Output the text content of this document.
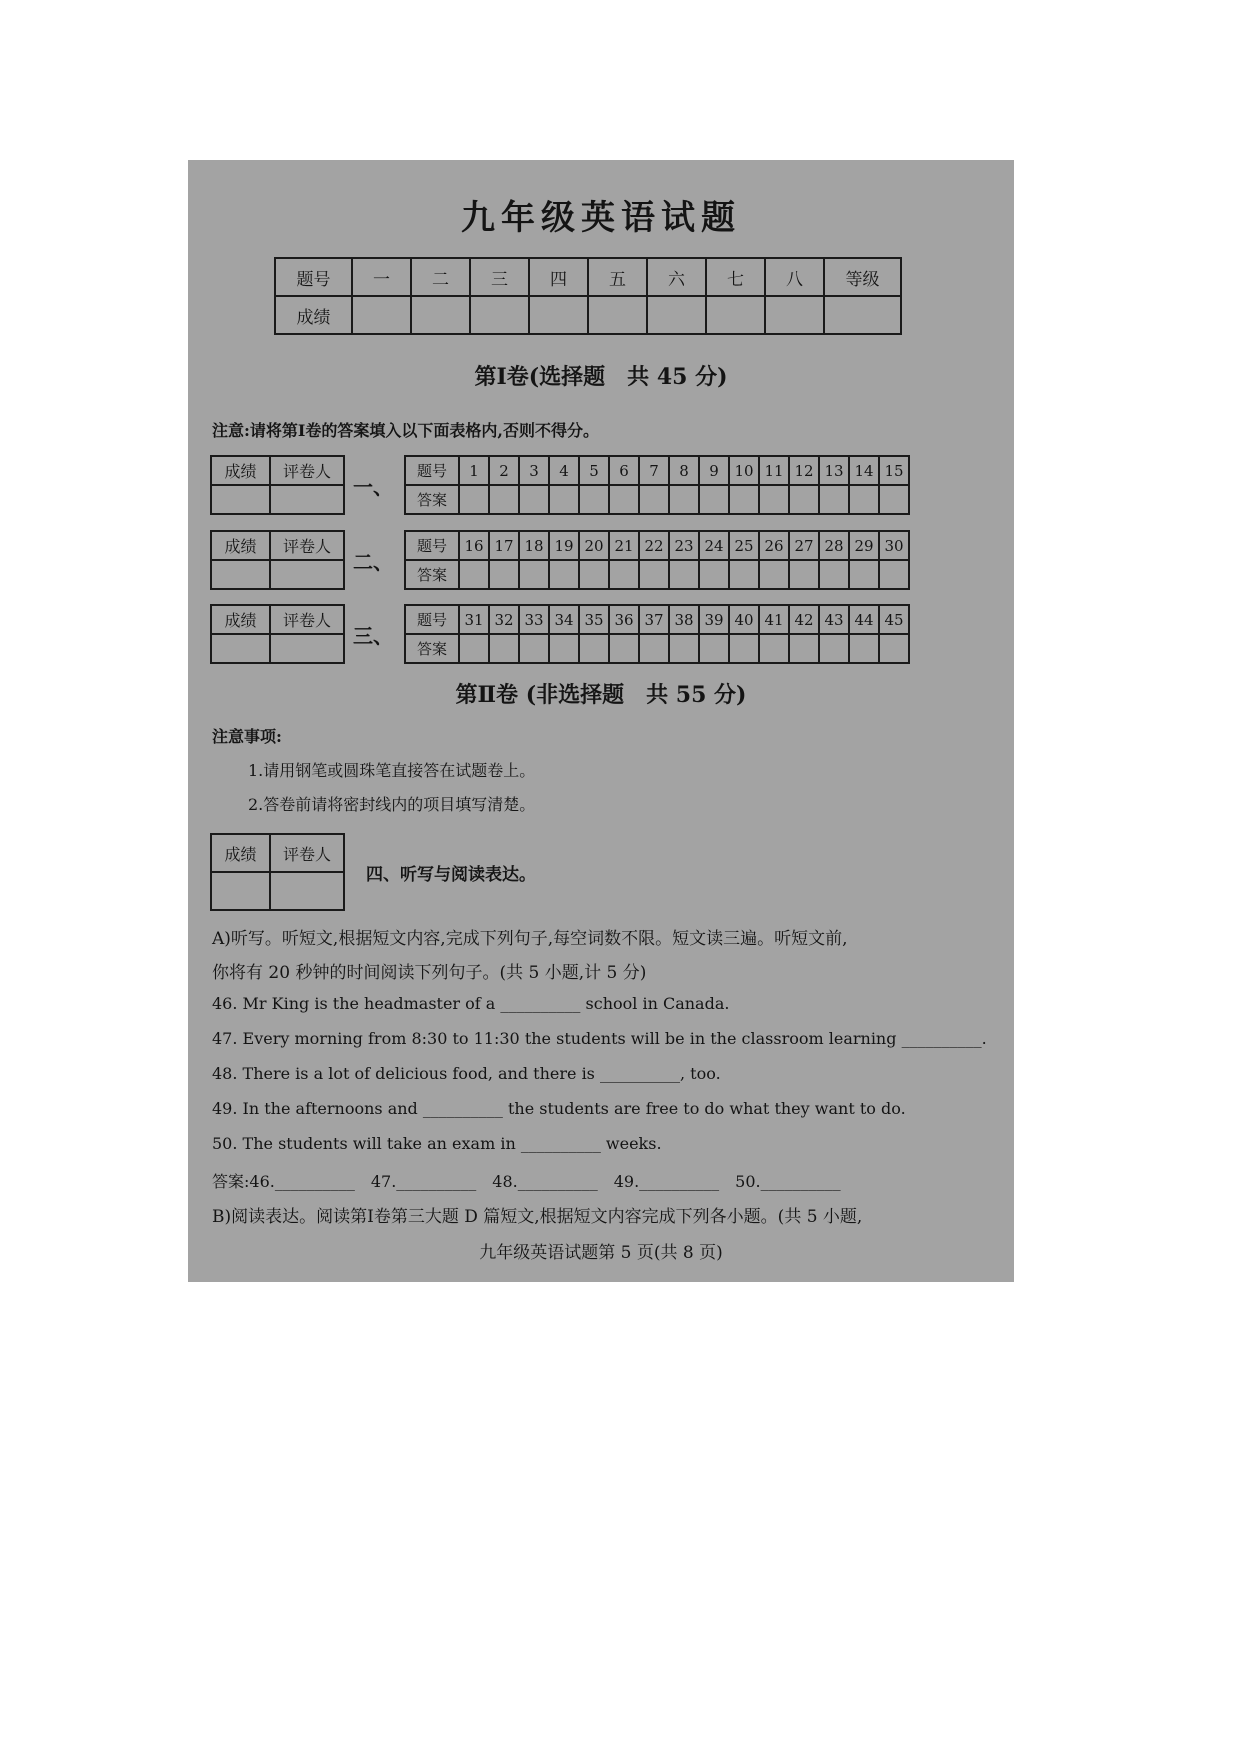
九年级英语试题
题号	一	二	三	四	五	六	七	八	等级
成绩									
第Ⅰ卷(选择题　共 45 分)
注意:请将第Ⅰ卷的答案填入以下面表格内,否则不得分。
成绩	评卷人

一、
题号	1	2	3	4	5	6	7	8	9	10	11	12	13	14	15
答案															
成绩	评卷人

二、
题号	16	17	18	19	20	21	22	23	24	25	26	27	28	29	30
答案															
成绩	评卷人

三、
题号	31	32	33	34	35	36	37	38	39	40	41	42	43	44	45
答案															
第Ⅱ卷 (非选择题　共 55 分)
注意事项:
1.请用钢笔或圆珠笔直接答在试题卷上。
2.答卷前请将密封线内的项目填写清楚。
成绩	评卷人

四、听写与阅读表达。
A)听写。听短文,根据短文内容,完成下列句子,每空词数不限。短文读三遍。听短文前,
你将有 20 秒钟的时间阅读下列句子。(共 5 小题,计 5 分)
46. Mr King is the headmaster of a __________ school in Canada.
47. Every morning from 8:30 to 11:30 the students will be in the classroom learning __________.
48. There is a lot of delicious food, and there is __________, too.
49. In the afternoons and __________ the students are free to do what they want to do.
50. The students will take an exam in __________ weeks.
答案:46.__________　47.__________　48.__________　49.__________　50.__________
B)阅读表达。阅读第Ⅰ卷第三大题 D 篇短文,根据短文内容完成下列各小题。(共 5 小题,
九年级英语试题第 5 页(共 8 页)
